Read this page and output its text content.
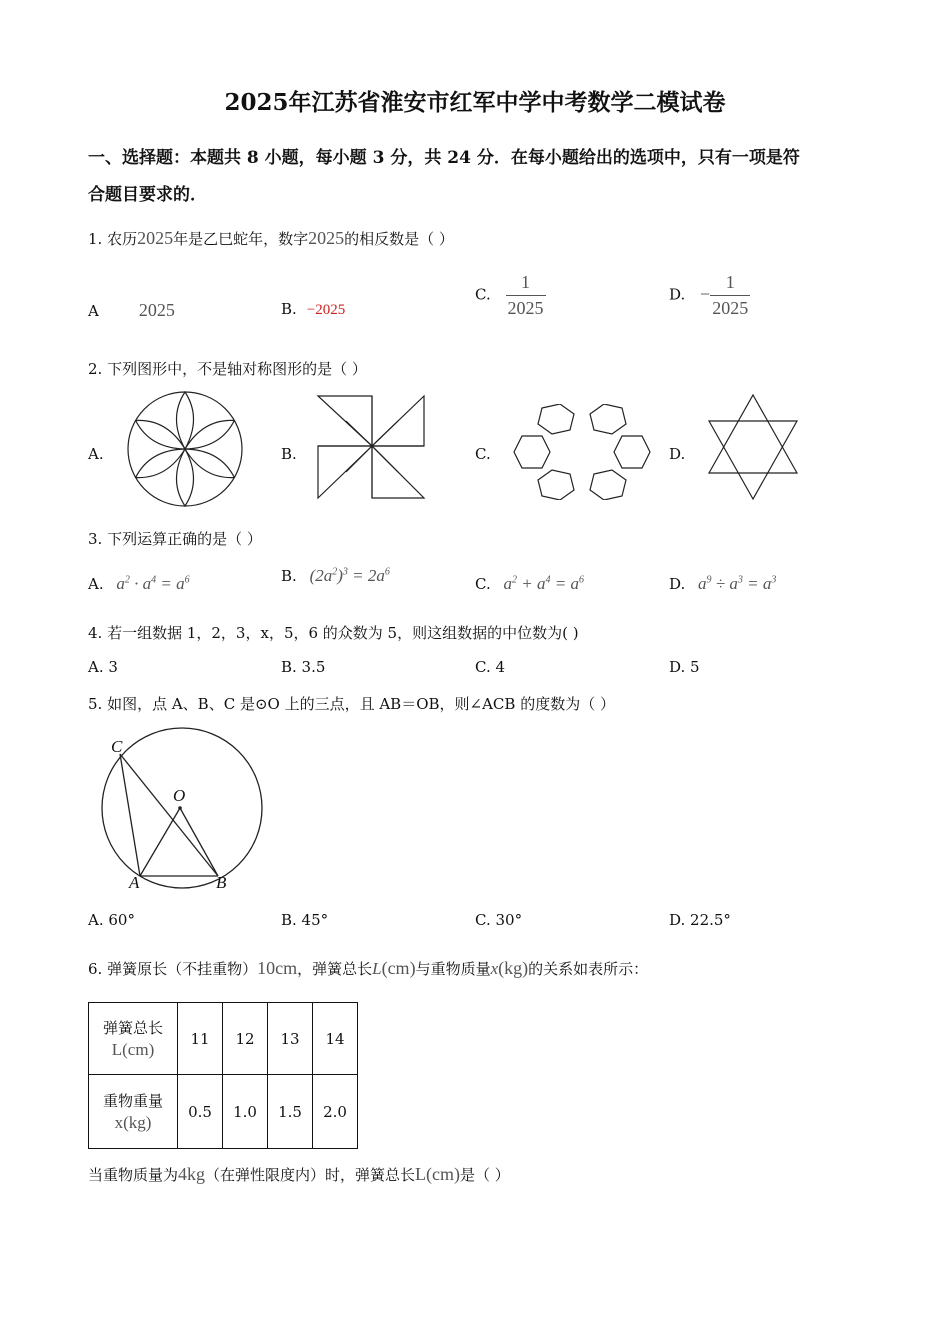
2025年江苏省淮安市红军中学中考数学二模试卷
一、选择题：本题共 8 小题，每小题 3 分，共 24 分．在每小题给出的选项中，只有一项是符
合题目要求的．
1. 农历2025年是乙巳蛇年，数字2025的相反数是（ ）
A 2025	B. −2025
C. $\frac{1}{2025}$	D. − $\frac{1}{2025}$
2. 下列图形中，不是轴对称图形的是（ ）
A.	B.	C.	D.
3. 下列运算正确的是（ ）
A. $a^2 \cdot a^4 = a^6$	B. $(2a^2)^3 = 2a^6$
C. $a^2 + a^4 = a^6$	D. $a^9 \div a^3 = a^3$
4. 若一组数据 1，2，3，x，5，6 的众数为 5，则这组数据的中位数为( )
A. 3	B. 3.5	C. 4	D. 5
5. 如图，点 A、B、C 是⊙O 上的三点，且 AB＝OB，则∠ACB 的度数为（ ）
C
O
A	B
A. 60°	B. 45°	C. 30°	D. 22.5°
6. 弹簧原长（不挂重物）10cm，弹簧总长L(cm)与重物质量x(kg)的关系如表所示：
弹簧总长
L(cm)	11	12	13	14

重物重量
x(kg)	0.5	1.0	1.5	2.0
当重物质量为4kg（在弹性限度内）时，弹簧总长L(cm)是（ ）
